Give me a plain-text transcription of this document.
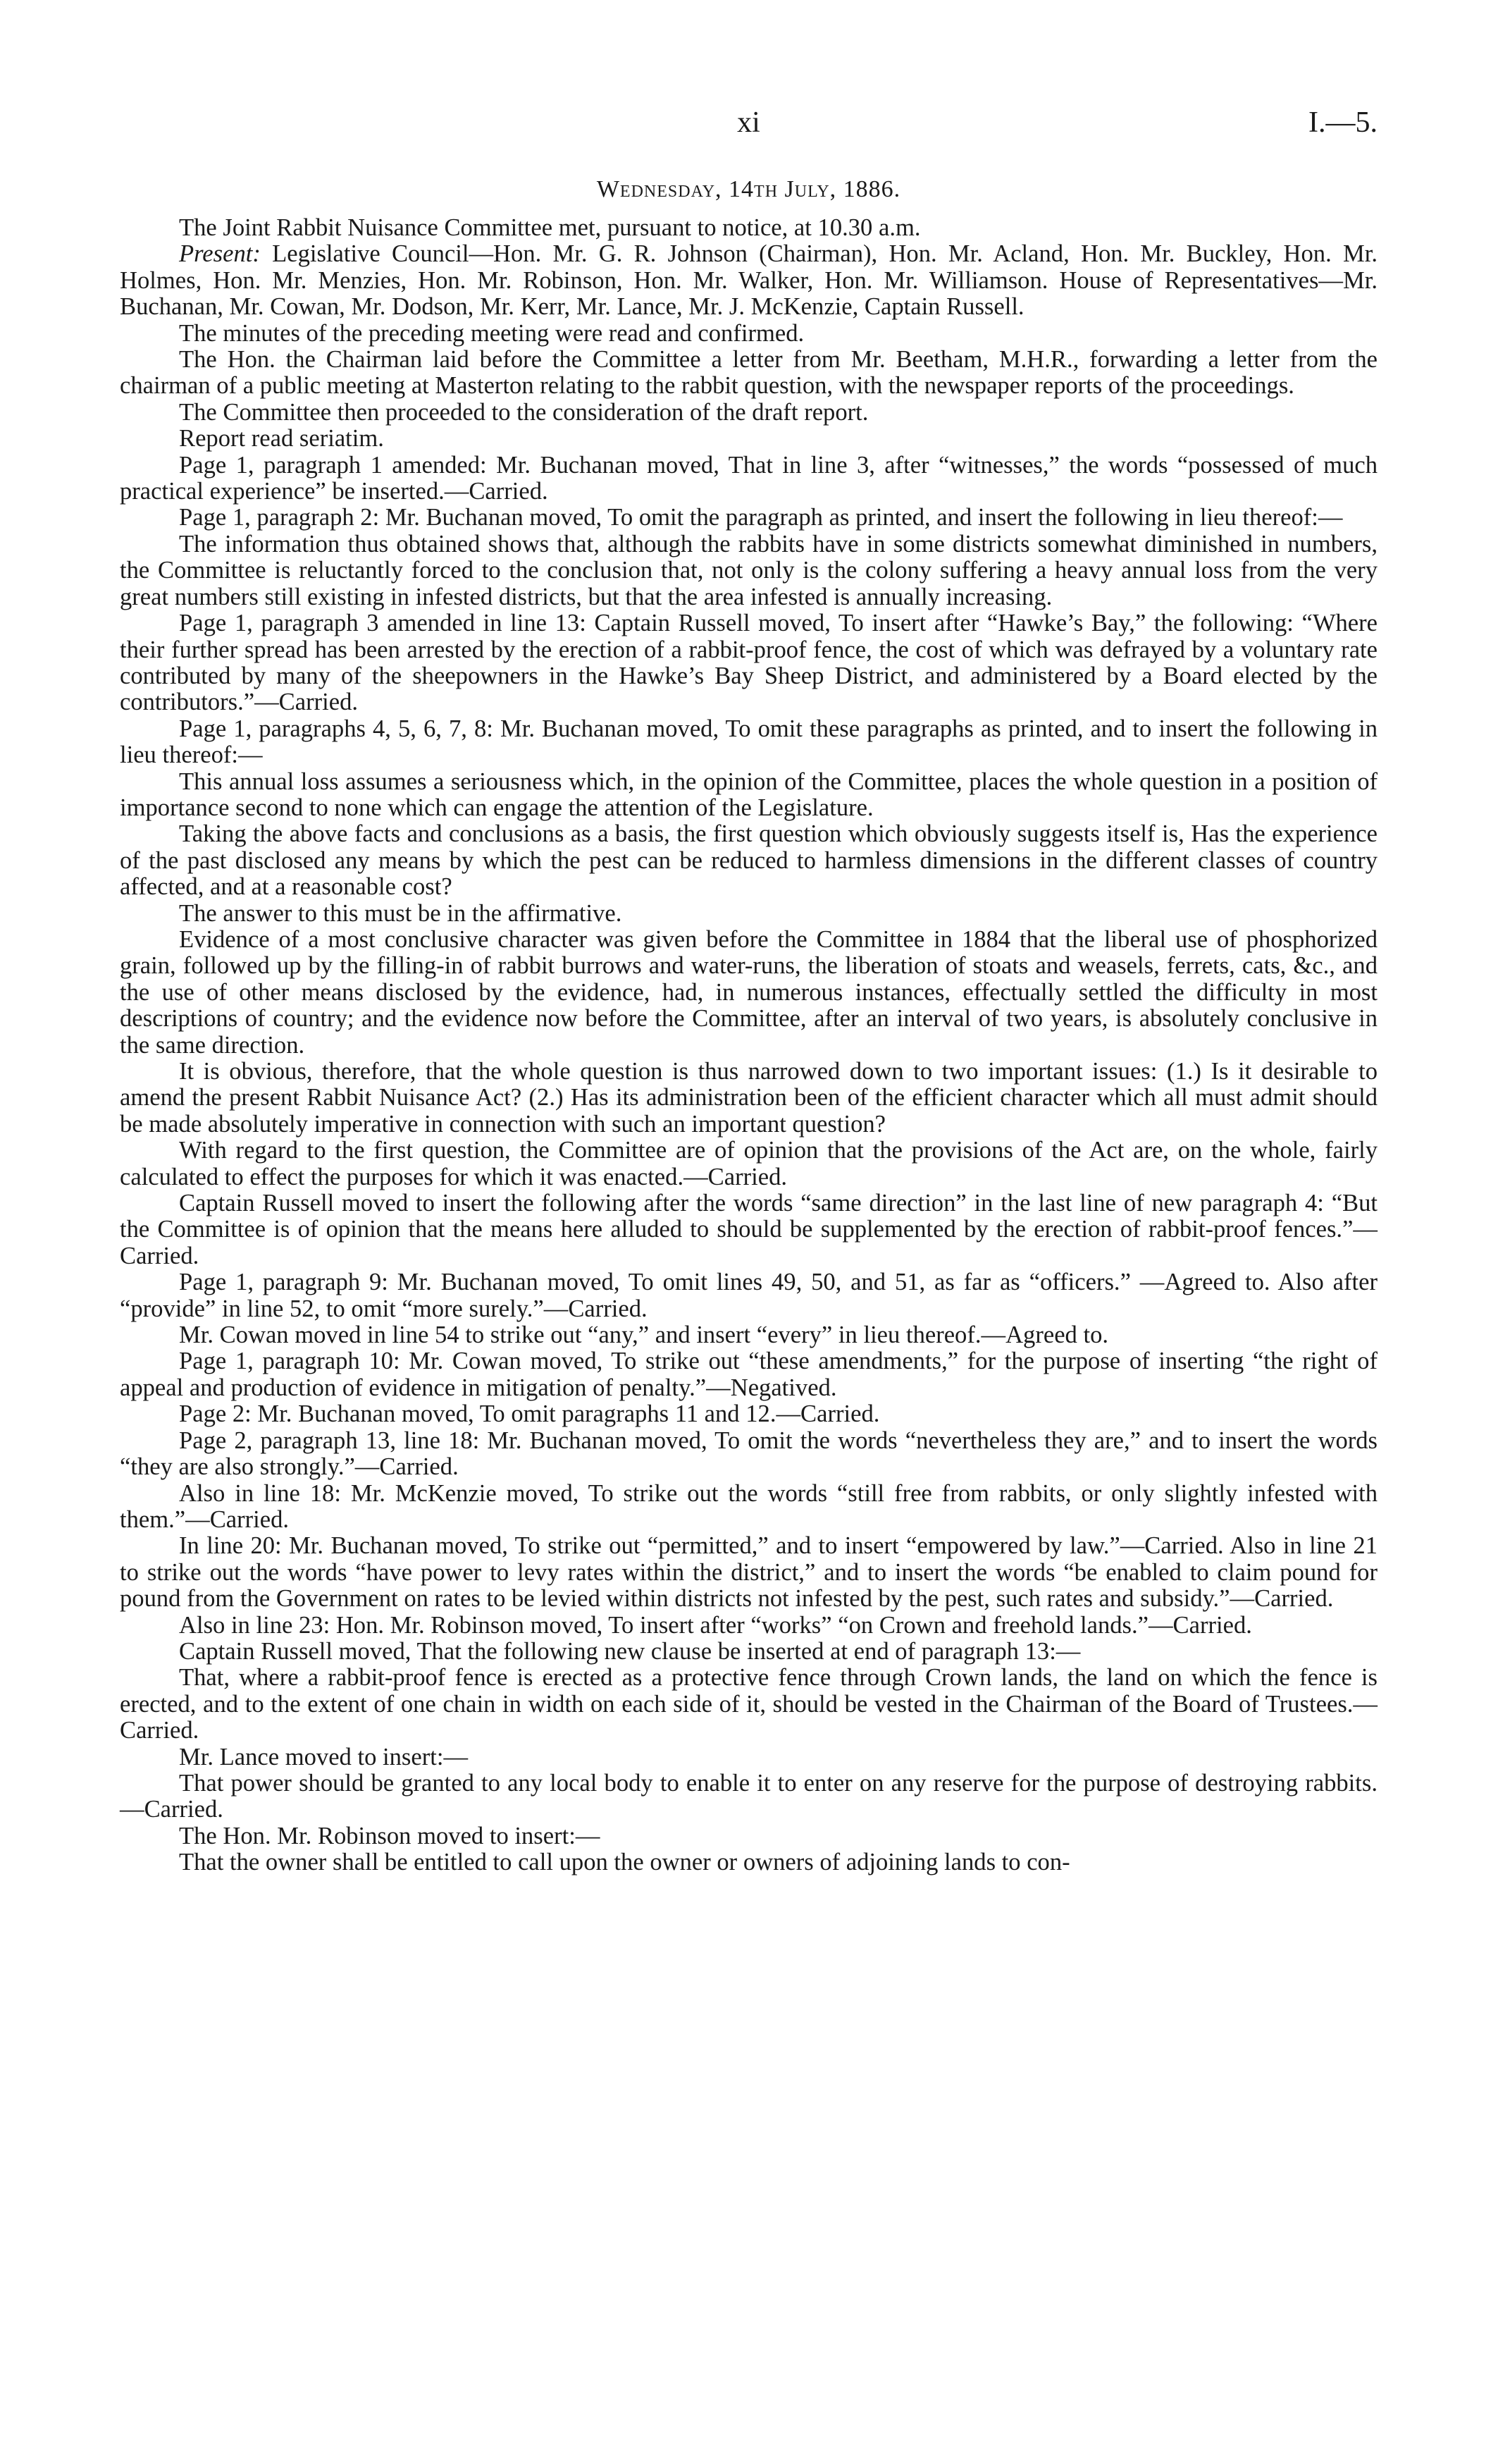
xi	I.—5.
Wednesday, 14th July, 1886.

The Joint Rabbit Nuisance Committee met, pursuant to notice, at 10.30 a.m.

Present: Legislative Council—Hon. Mr. G. R. Johnson (Chairman), Hon. Mr. Acland, Hon. Mr. Buckley, Hon. Mr. Holmes, Hon. Mr. Menzies, Hon. Mr. Robinson, Hon. Mr. Walker, Hon. Mr. Williamson. House of Representatives—Mr. Buchanan, Mr. Cowan, Mr. Dodson, Mr. Kerr, Mr. Lance, Mr. J. McKenzie, Captain Russell.

The minutes of the preceding meeting were read and confirmed.

The Hon. the Chairman laid before the Committee a letter from Mr. Beetham, M.H.R., forwarding a letter from the chairman of a public meeting at Masterton relating to the rabbit question, with the newspaper reports of the proceedings.

The Committee then proceeded to the consideration of the draft report.

Report read seriatim.

Page 1, paragraph 1 amended: Mr. Buchanan moved, That in line 3, after “witnesses,” the words “possessed of much practical experience” be inserted.—Carried.

Page 1, paragraph 2: Mr. Buchanan moved, To omit the paragraph as printed, and insert the following in lieu thereof:—

The information thus obtained shows that, although the rabbits have in some districts somewhat diminished in numbers, the Committee is reluctantly forced to the conclusion that, not only is the colony suffering a heavy annual loss from the very great numbers still existing in infested districts, but that the area infested is annually increasing.

Page 1, paragraph 3 amended in line 13: Captain Russell moved, To insert after “Hawke’s Bay,” the following: “Where their further spread has been arrested by the erection of a rabbit-proof fence, the cost of which was defrayed by a voluntary rate contributed by many of the sheepowners in the Hawke’s Bay Sheep District, and administered by a Board elected by the contributors.”—Carried.

Page 1, paragraphs 4, 5, 6, 7, 8: Mr. Buchanan moved, To omit these paragraphs as printed, and to insert the following in lieu thereof:—

This annual loss assumes a seriousness which, in the opinion of the Committee, places the whole question in a position of importance second to none which can engage the attention of the Legislature.

Taking the above facts and conclusions as a basis, the first question which obviously suggests itself is, Has the experience of the past disclosed any means by which the pest can be reduced to harmless dimensions in the different classes of country affected, and at a reasonable cost?

The answer to this must be in the affirmative.

Evidence of a most conclusive character was given before the Committee in 1884 that the liberal use of phosphorized grain, followed up by the filling-in of rabbit burrows and water-runs, the liberation of stoats and weasels, ferrets, cats, &c., and the use of other means disclosed by the evidence, had, in numerous instances, effectually settled the difficulty in most descriptions of country; and the evidence now before the Committee, after an interval of two years, is absolutely conclusive in the same direction.

It is obvious, therefore, that the whole question is thus narrowed down to two important issues: (1.) Is it desirable to amend the present Rabbit Nuisance Act? (2.) Has its administration been of the efficient character which all must admit should be made absolutely imperative in connection with such an important question?

With regard to the first question, the Committee are of opinion that the provisions of the Act are, on the whole, fairly calculated to effect the purposes for which it was enacted.—Carried.

Captain Russell moved to insert the following after the words “same direction” in the last line of new paragraph 4: “But the Committee is of opinion that the means here alluded to should be supplemented by the erection of rabbit-proof fences.”—Carried.

Page 1, paragraph 9: Mr. Buchanan moved, To omit lines 49, 50, and 51, as far as “officers.” —Agreed to. Also after “provide” in line 52, to omit “more surely.”—Carried.

Mr. Cowan moved in line 54 to strike out “any,” and insert “every” in lieu thereof.—Agreed to.

Page 1, paragraph 10: Mr. Cowan moved, To strike out “these amendments,” for the purpose of inserting “the right of appeal and production of evidence in mitigation of penalty.”—Negatived.

Page 2: Mr. Buchanan moved, To omit paragraphs 11 and 12.—Carried.

Page 2, paragraph 13, line 18: Mr. Buchanan moved, To omit the words “nevertheless they are,” and to insert the words “they are also strongly.”—Carried.

Also in line 18: Mr. McKenzie moved, To strike out the words “still free from rabbits, or only slightly infested with them.”—Carried.

In line 20: Mr. Buchanan moved, To strike out “permitted,” and to insert “empowered by law.”—Carried. Also in line 21 to strike out the words “have power to levy rates within the district,” and to insert the words “be enabled to claim pound for pound from the Government on rates to be levied within districts not infested by the pest, such rates and subsidy.”—Carried.

Also in line 23: Hon. Mr. Robinson moved, To insert after “works” “on Crown and freehold lands.”—Carried.

Captain Russell moved, That the following new clause be inserted at end of paragraph 13:—

That, where a rabbit-proof fence is erected as a protective fence through Crown lands, the land on which the fence is erected, and to the extent of one chain in width on each side of it, should be vested in the Chairman of the Board of Trustees.—Carried.

Mr. Lance moved to insert:—

That power should be granted to any local body to enable it to enter on any reserve for the purpose of destroying rabbits.—Carried.

The Hon. Mr. Robinson moved to insert:—

That the owner shall be entitled to call upon the owner or owners of adjoining lands to con-
